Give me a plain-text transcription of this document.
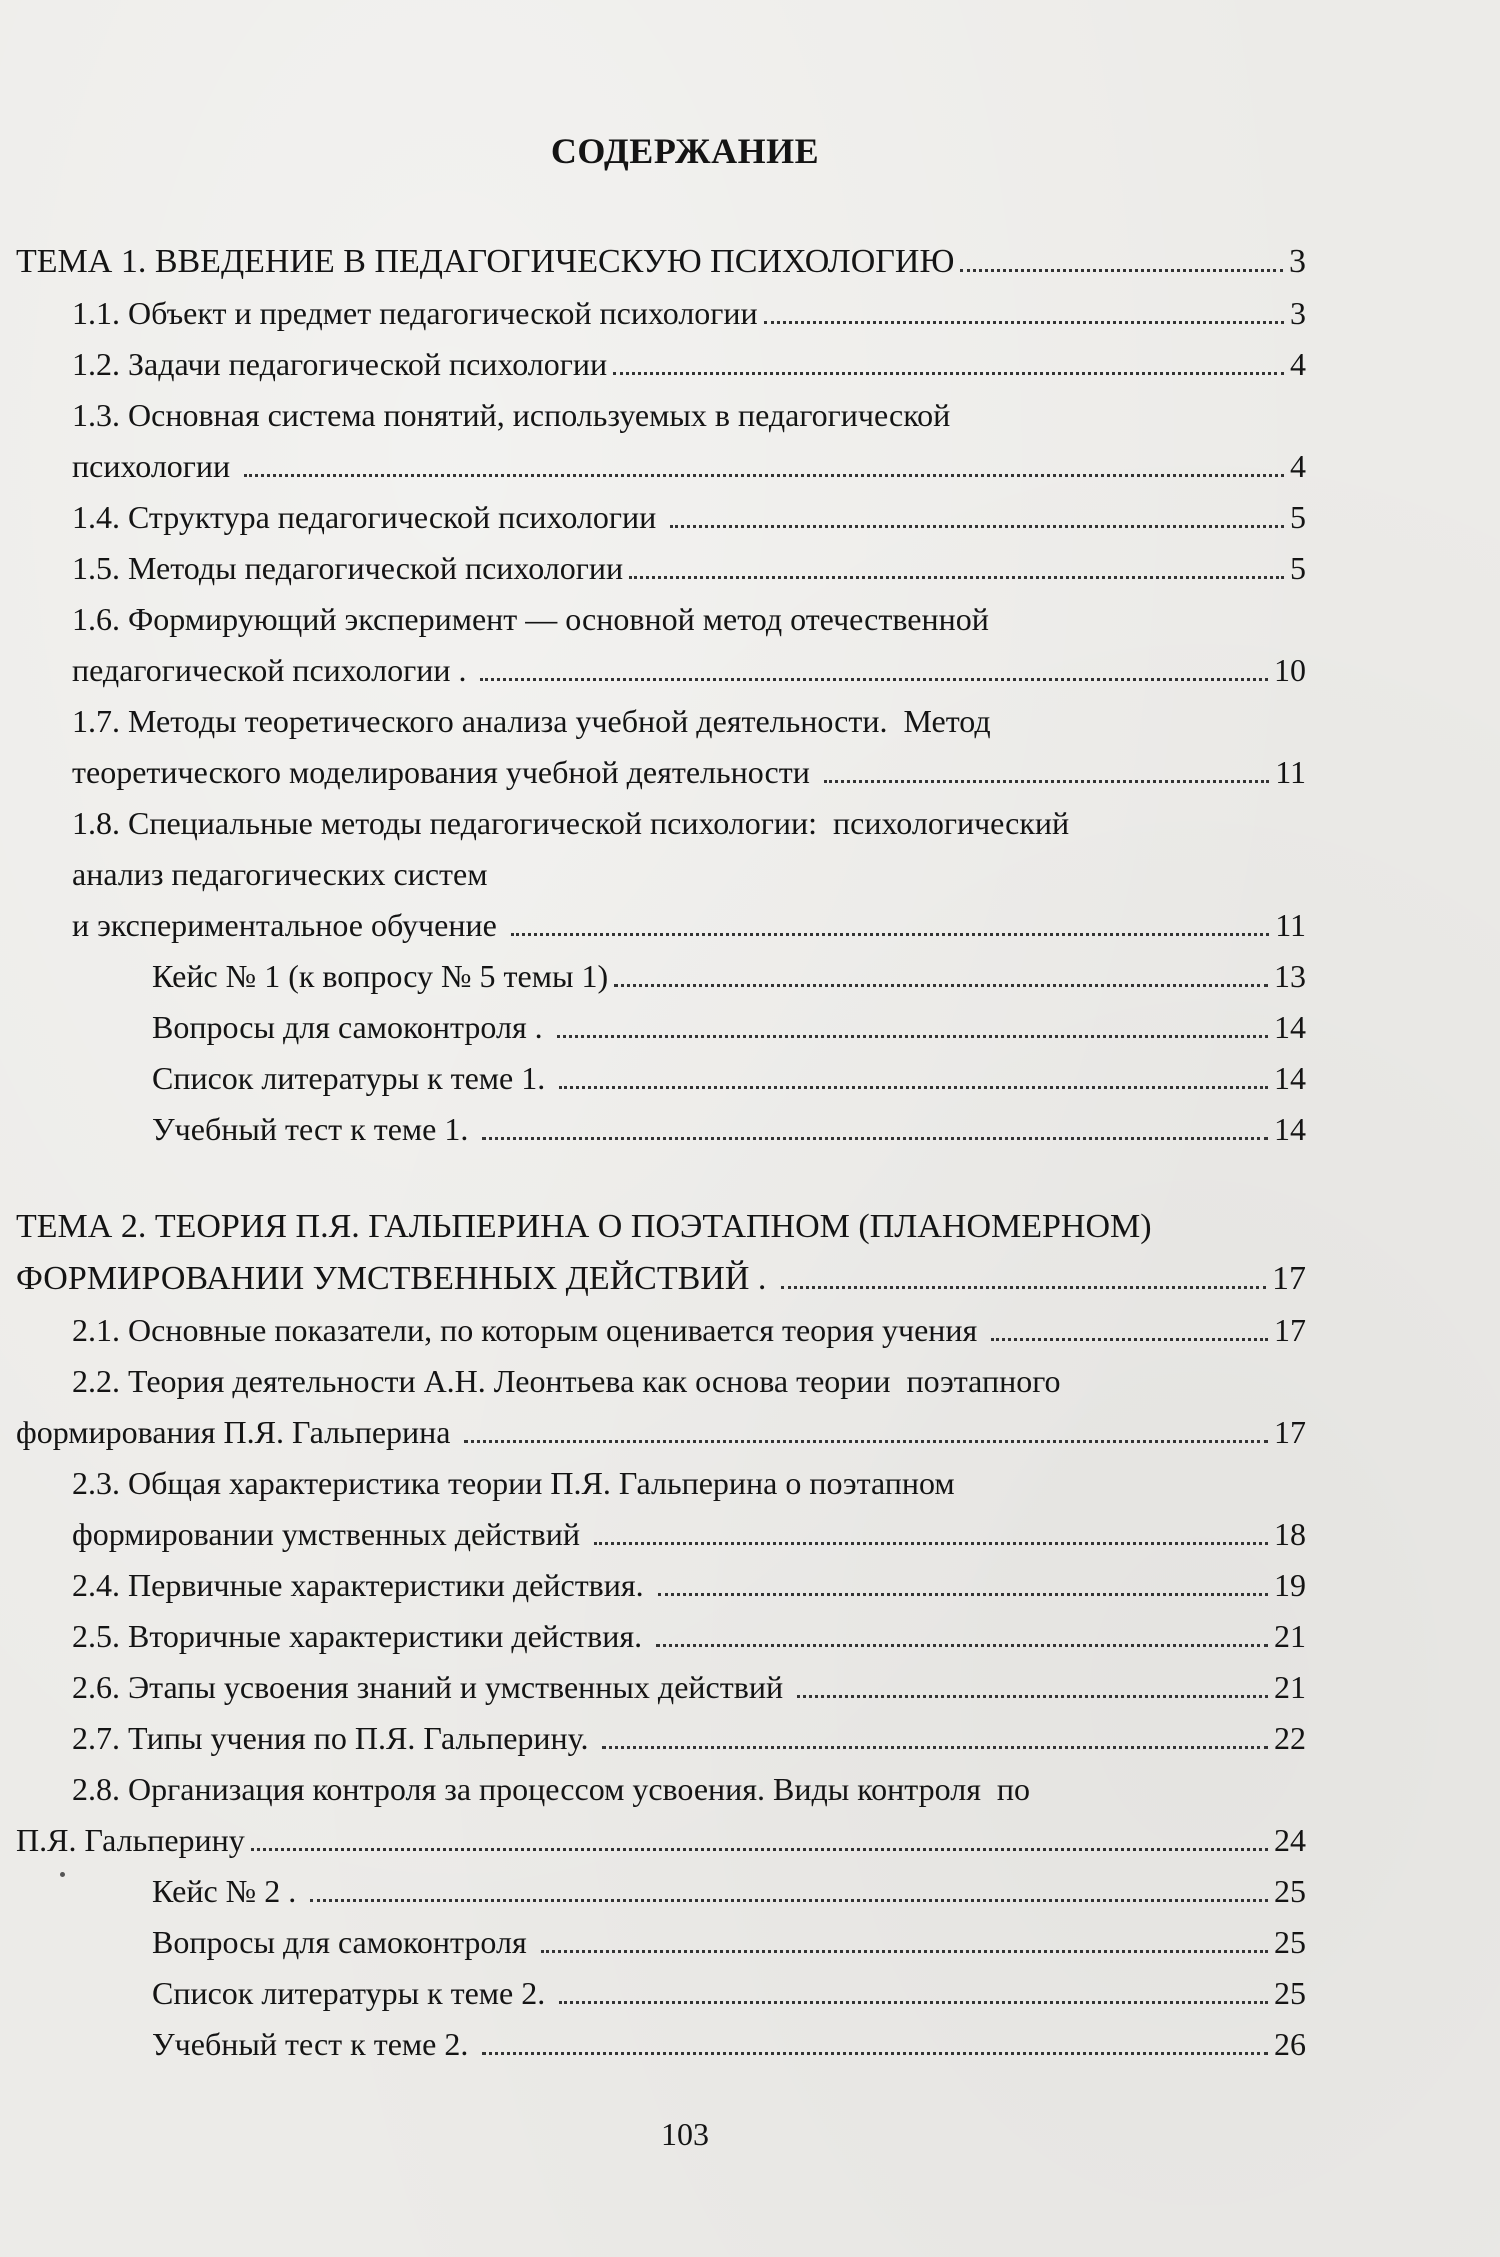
СОДЕРЖАНИЕ
ТЕМА 1. ВВЕДЕНИЕ В ПЕДАГОГИЧЕСКУЮ ПСИХОЛОГИЮ	3
1.1. Объект и предмет педагогической психологии	3
1.2. Задачи педагогической психологии	4
1.3. Основная система понятий, используемых в педагогической
психологии	4
1.4. Структура педагогической психологии	5
1.5. Методы педагогической психологии	5
1.6. Формирующий эксперимент — основной метод отечественной
педагогической психологии .	10
1.7. Методы теоретического анализа учебной деятельности.  Метод
теоретического моделирования учебной деятельности	11
1.8. Специальные методы педагогической психологии:  психологический
анализ педагогических систем
и экспериментальное обучение	11
Кейс № 1 (к вопросу № 5 темы 1)	13
Вопросы для самоконтроля .	14
Список литературы к теме 1.	14
Учебный тест к теме 1.	14
ТЕМА 2. ТЕОРИЯ П.Я. ГАЛЬПЕРИНА О ПОЭТАПНОМ (ПЛАНОМЕРНОМ)
ФОРМИРОВАНИИ УМСТВЕННЫХ ДЕЙСТВИЙ .	17
2.1. Основные показатели, по которым оценивается теория учения	17
2.2. Теория деятельности А.Н. Леонтьева как основа теории  поэтапного
формирования П.Я. Гальперина	17
2.3. Общая характеристика теории П.Я. Гальперина о поэтапном
формировании умственных действий	18
2.4. Первичные характеристики действия.	19
2.5. Вторичные характеристики действия.	21
2.6. Этапы усвоения знаний и умственных действий	21
2.7. Типы учения по П.Я. Гальперину.	22
2.8. Организация контроля за процессом усвоения. Виды контроля  по
П.Я. Гальперину	24
Кейс № 2 .	25
Вопросы для самоконтроля	25
Список литературы к теме 2.	25
Учебный тест к теме 2.	26
103
